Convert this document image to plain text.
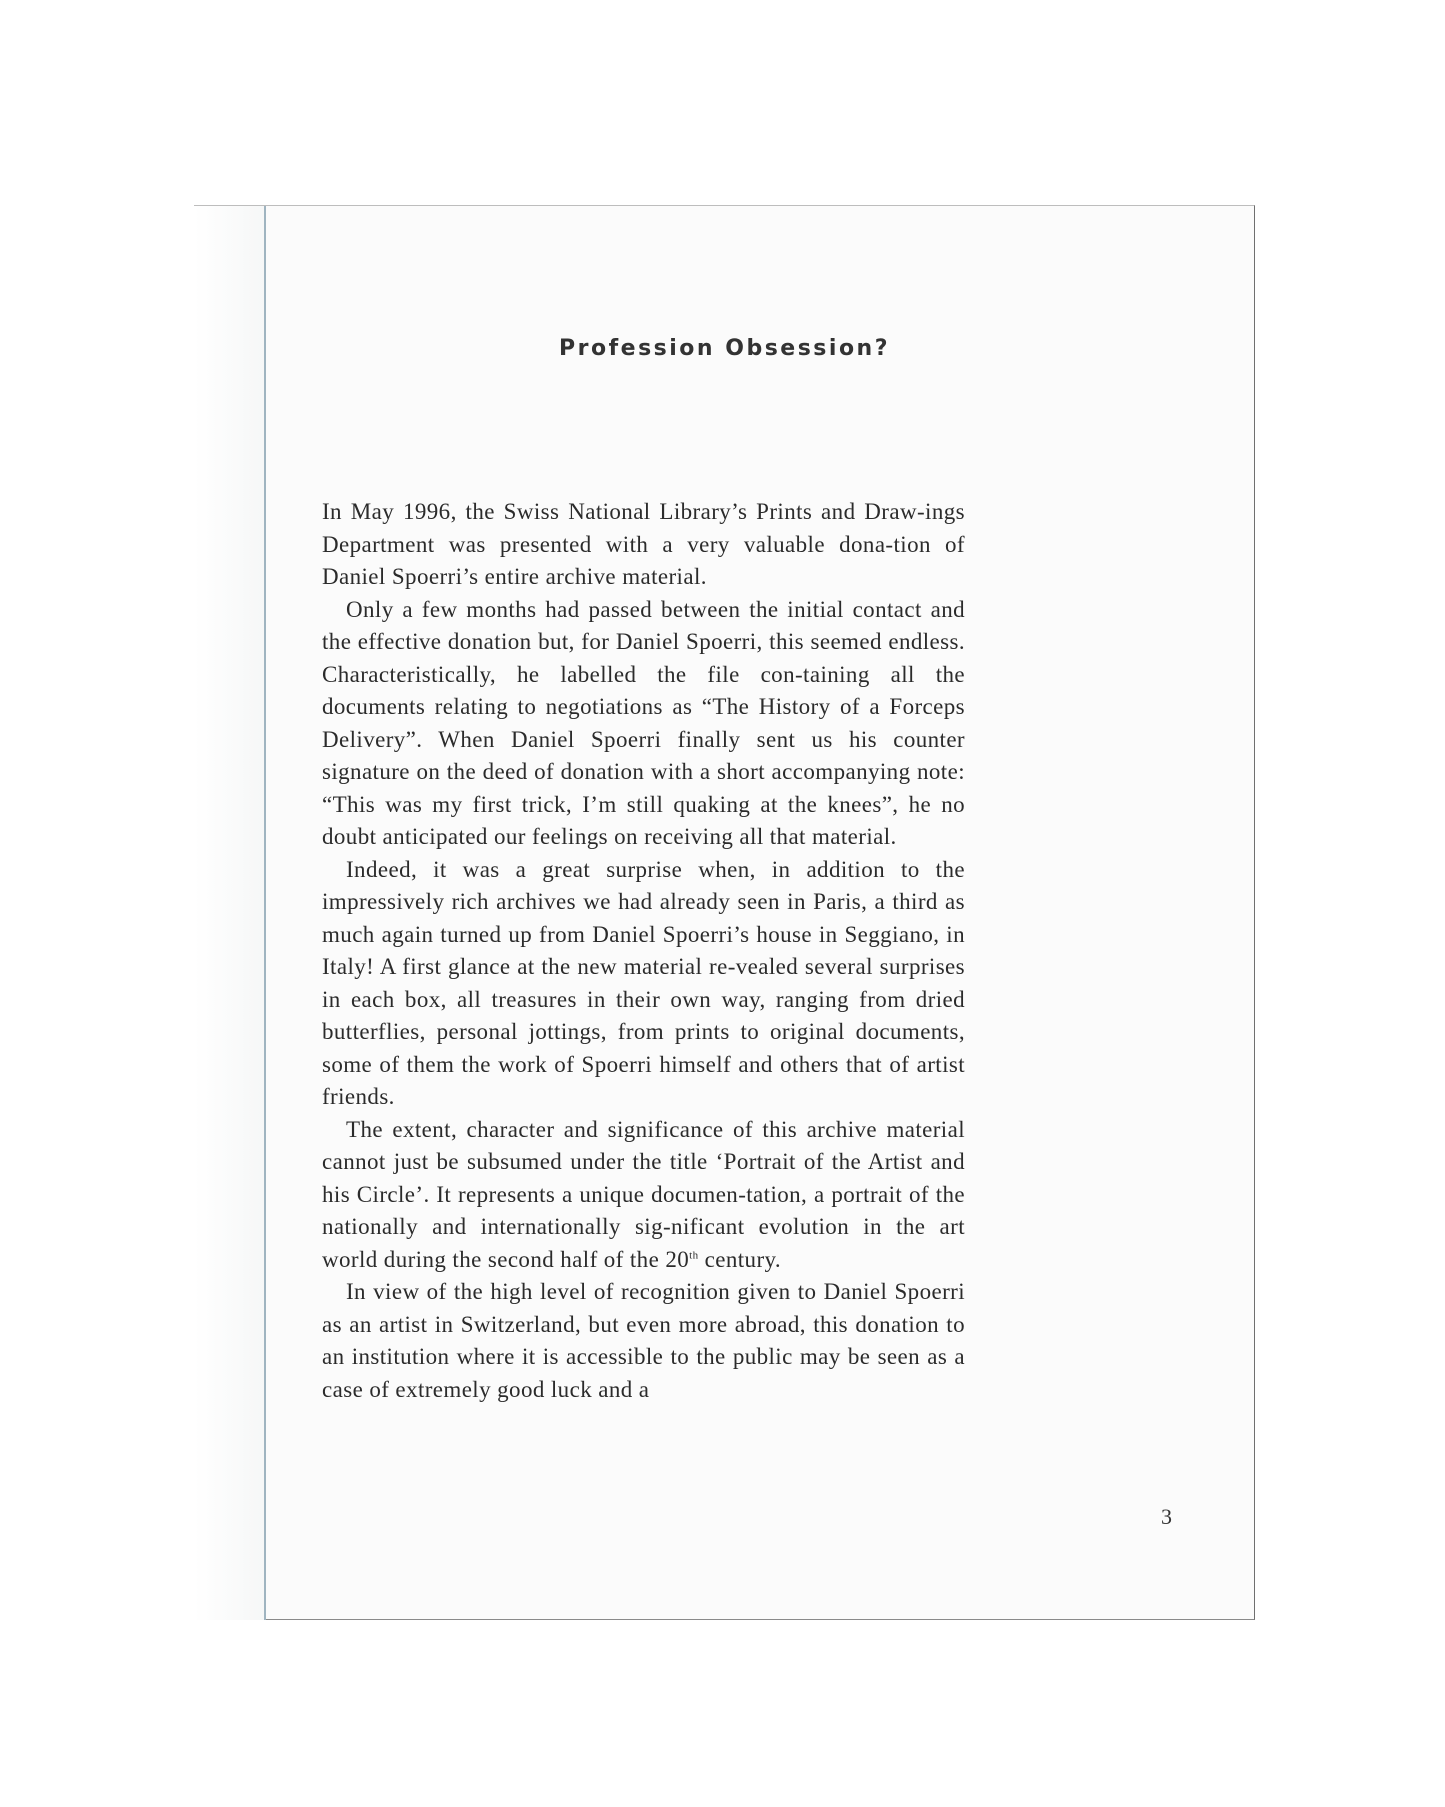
Profession Obsession?

In May 1996, the Swiss National Library’s Prints and Draw-ings Department was presented with a very valuable dona-tion of Daniel Spoerri’s entire archive material.

Only a few months had passed between the initial contact and the effective donation but, for Daniel Spoerri, this seemed endless. Characteristically, he labelled the file con-taining all the documents relating to negotiations as “The History of a Forceps Delivery”. When Daniel Spoerri finally sent us his counter signature on the deed of donation with a short accompanying note: “This was my first trick, I’m still quaking at the knees”, he no doubt anticipated our feelings on receiving all that material.

Indeed, it was a great surprise when, in addition to the impressively rich archives we had already seen in Paris, a third as much again turned up from Daniel Spoerri’s house in Seggiano, in Italy! A first glance at the new material re-vealed several surprises in each box, all treasures in their own way, ranging from dried butterflies, personal jottings, from prints to original documents, some of them the work of Spoerri himself and others that of artist friends.

The extent, character and significance of this archive material cannot just be subsumed under the title ‘Portrait of the Artist and his Circle’. It represents a unique documen-tation, a portrait of the nationally and internationally sig-nificant evolution in the art world during the second half of the 20th century.

In view of the high level of recognition given to Daniel Spoerri as an artist in Switzerland, but even more abroad, this donation to an institution where it is accessible to the public may be seen as a case of extremely good luck and a

3
